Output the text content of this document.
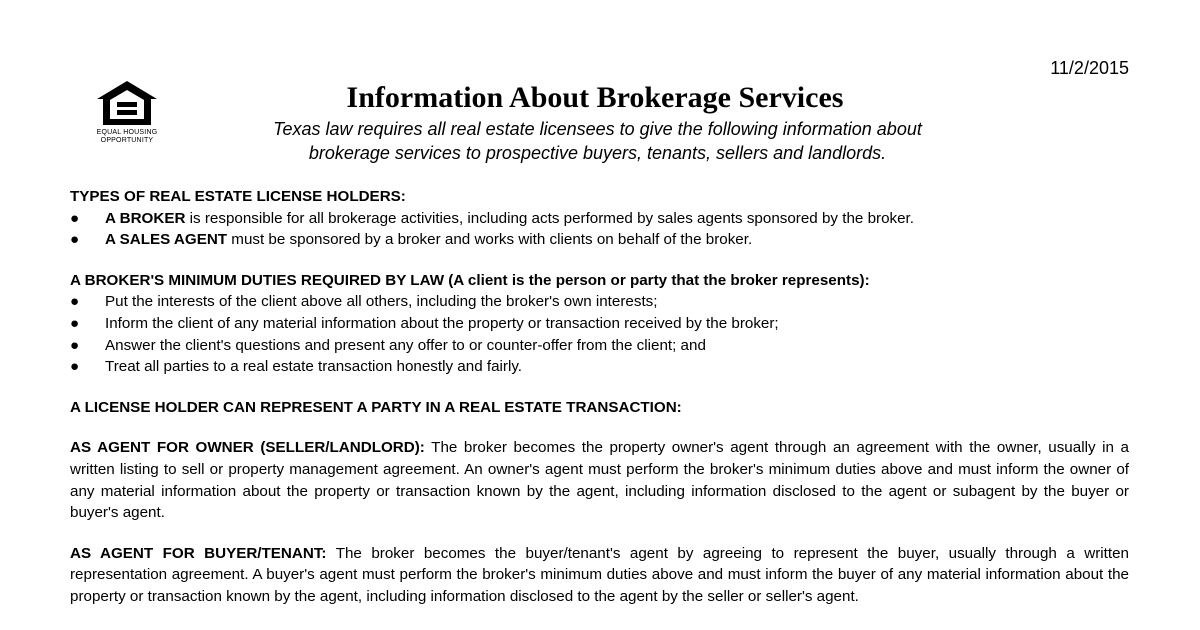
11/2/2015
EQUAL HOUSING
OPPORTUNITY
Information About Brokerage Services
Texas law requires all real estate licensees to give the following information about
brokerage services to prospective buyers, tenants, sellers and landlords.

TYPES OF REAL ESTATE LICENSE HOLDERS:

● A BROKER is responsible for all brokerage activities, including acts performed by sales agents sponsored by the broker.
● A SALES AGENT must be sponsored by a broker and works with clients on behalf of the broker.

A BROKER'S MINIMUM DUTIES REQUIRED BY LAW (A client is the person or party that the broker represents):

● Put the interests of the client above all others, including the broker's own interests;
● Inform the client of any material information about the property or transaction received by the broker;
● Answer the client's questions and present any offer to or counter-offer from the client; and
● Treat all parties to a real estate transaction honestly and fairly.

A LICENSE HOLDER CAN REPRESENT A PARTY IN A REAL ESTATE TRANSACTION:

AS AGENT FOR OWNER (SELLER/LANDLORD): The broker becomes the property owner's agent through an agreement with the owner, usually in a written listing to sell or property management agreement. An owner's agent must perform the broker's minimum duties above and must inform the owner of any material information about the property or transaction known by the agent, including information disclosed to the agent or subagent by the buyer or buyer's agent.

AS AGENT FOR BUYER/TENANT: The broker becomes the buyer/tenant's agent by agreeing to represent the buyer, usually through a written representation agreement. A buyer's agent must perform the broker's minimum duties above and must inform the buyer of any material information about the property or transaction known by the agent, including information disclosed to the agent by the seller or seller's agent.
